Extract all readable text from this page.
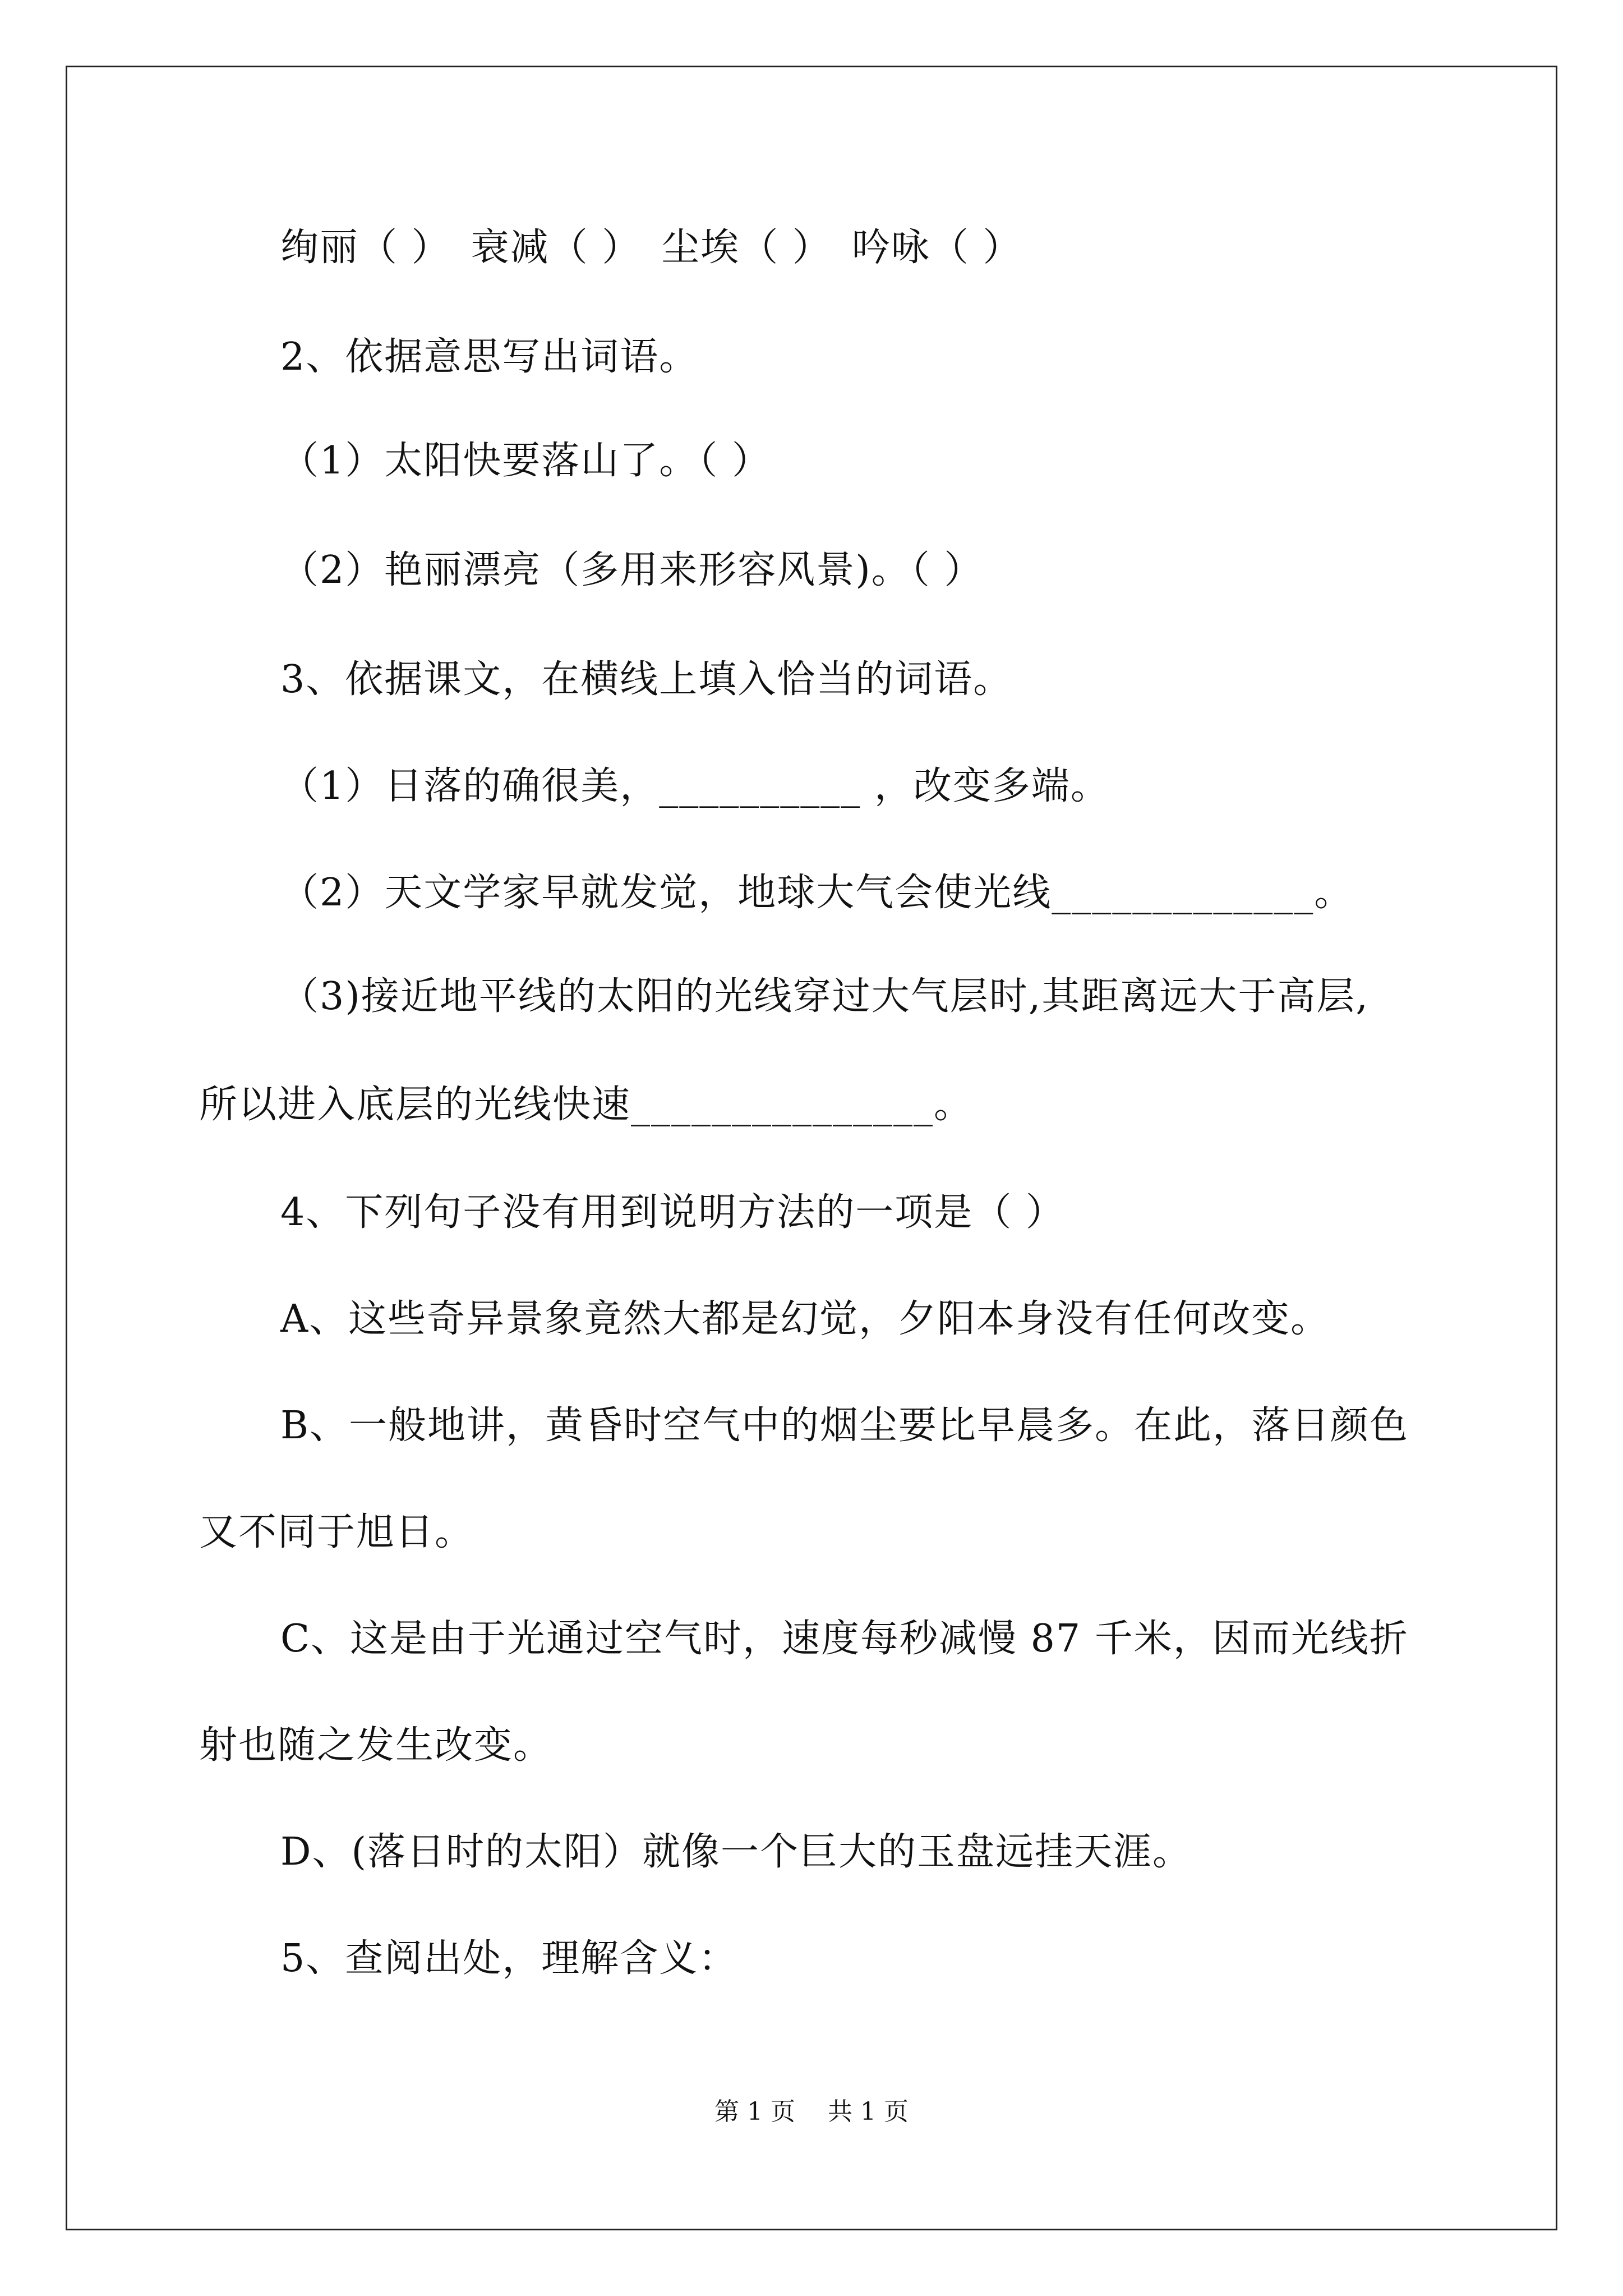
绚丽（ ）　衰减（ ）　尘埃（ ）　吟咏（ ）
2、依据意思写出词语。
（1）太阳快要落山了。（ ）
（2）艳丽漂亮（多用来形容风景)。（ ）
3、依据课文，在横线上填入恰当的词语。
（1）日落的确很美，__________ ，改变多端。
（2）天文学家早就发觉，地球大气会使光线_____________。
（3)接近地平线的太阳的光线穿过大气层时,其距离远大于高层,
所以进入底层的光线快速_______________。
4、下列句子没有用到说明方法的一项是（ ）
A、这些奇异景象竟然大都是幻觉，夕阳本身没有任何改变。
B、一般地讲，黄昏时空气中的烟尘要比早晨多。在此，落日颜色
又不同于旭日。
C、这是由于光通过空气时，速度每秒减慢 87 千米，因而光线折
射也随之发生改变。
D、(落日时的太阳）就像一个巨大的玉盘远挂天涯。
5、查阅出处，理解含义：
第 1 页　 共 1 页
